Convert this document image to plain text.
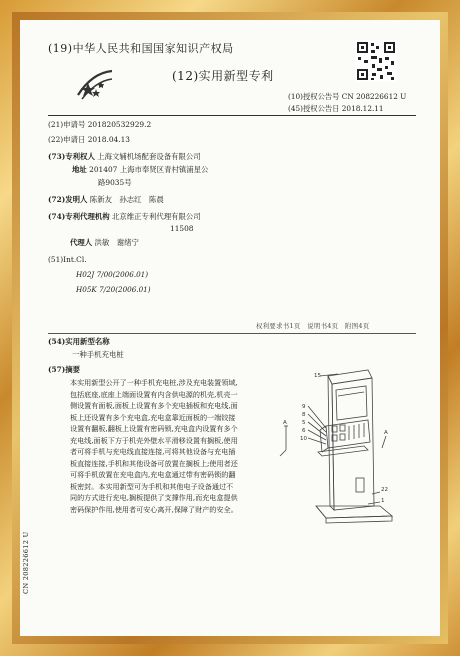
(19)中华人民共和国国家知识产权局
(12)实用新型专利
(10)授权公告号 CN 208226612 U
(45)授权公告日 2018.12.11
(21)申请号 201820532929.2
(22)申请日 2018.04.13
(73)专利权人 上海文辅机场配套设备有限公司
地址 201407 上海市奉贤区青村镇浦星公
路9035号
(72)发明人 陈新友　孙志红　陈晨
(74)专利代理机构 北京维正专利代理有限公司
11508
代理人 洪敏　谢绪宁
(51)Int.Cl.
H02J 7/00(2006.01)
H05K 7/20(2006.01)
权利要求书1页　说明书4页　附图4页
(54)实用新型名称
一种手机充电桩
(57)摘要
本实用新型公开了一种手机充电桩,涉及充电装置领域,包括底座,底座上端面设置有内含供电源的机壳,机壳一侧设置有面板,面板上设置有多个充电插板和充电线,面板上还设置有多个充电盒,充电盒靠近面板的一端铰接设置有翻板,翻板上设置有密码锁,充电盒内设置有多个充电线,面板下方于机壳外壁水平滑移设置有搁板,使用者可将手机与充电线直接连接,可将其他设备与充电插板直接连接,手机和其他设备可放置在搁板上;使用者还可将手机放置在充电盒内,充电盒通过带有密码锁的翻板密封。本实用新型可为手机和其他电子设备通过不同的方式进行充电,搁板提供了支撑作用,而充电盒提供密码保护作用,使用者可安心离开,保障了财产的安全。
15
9
8
5
6
10
A
A
22
1
CN 208226612 U
